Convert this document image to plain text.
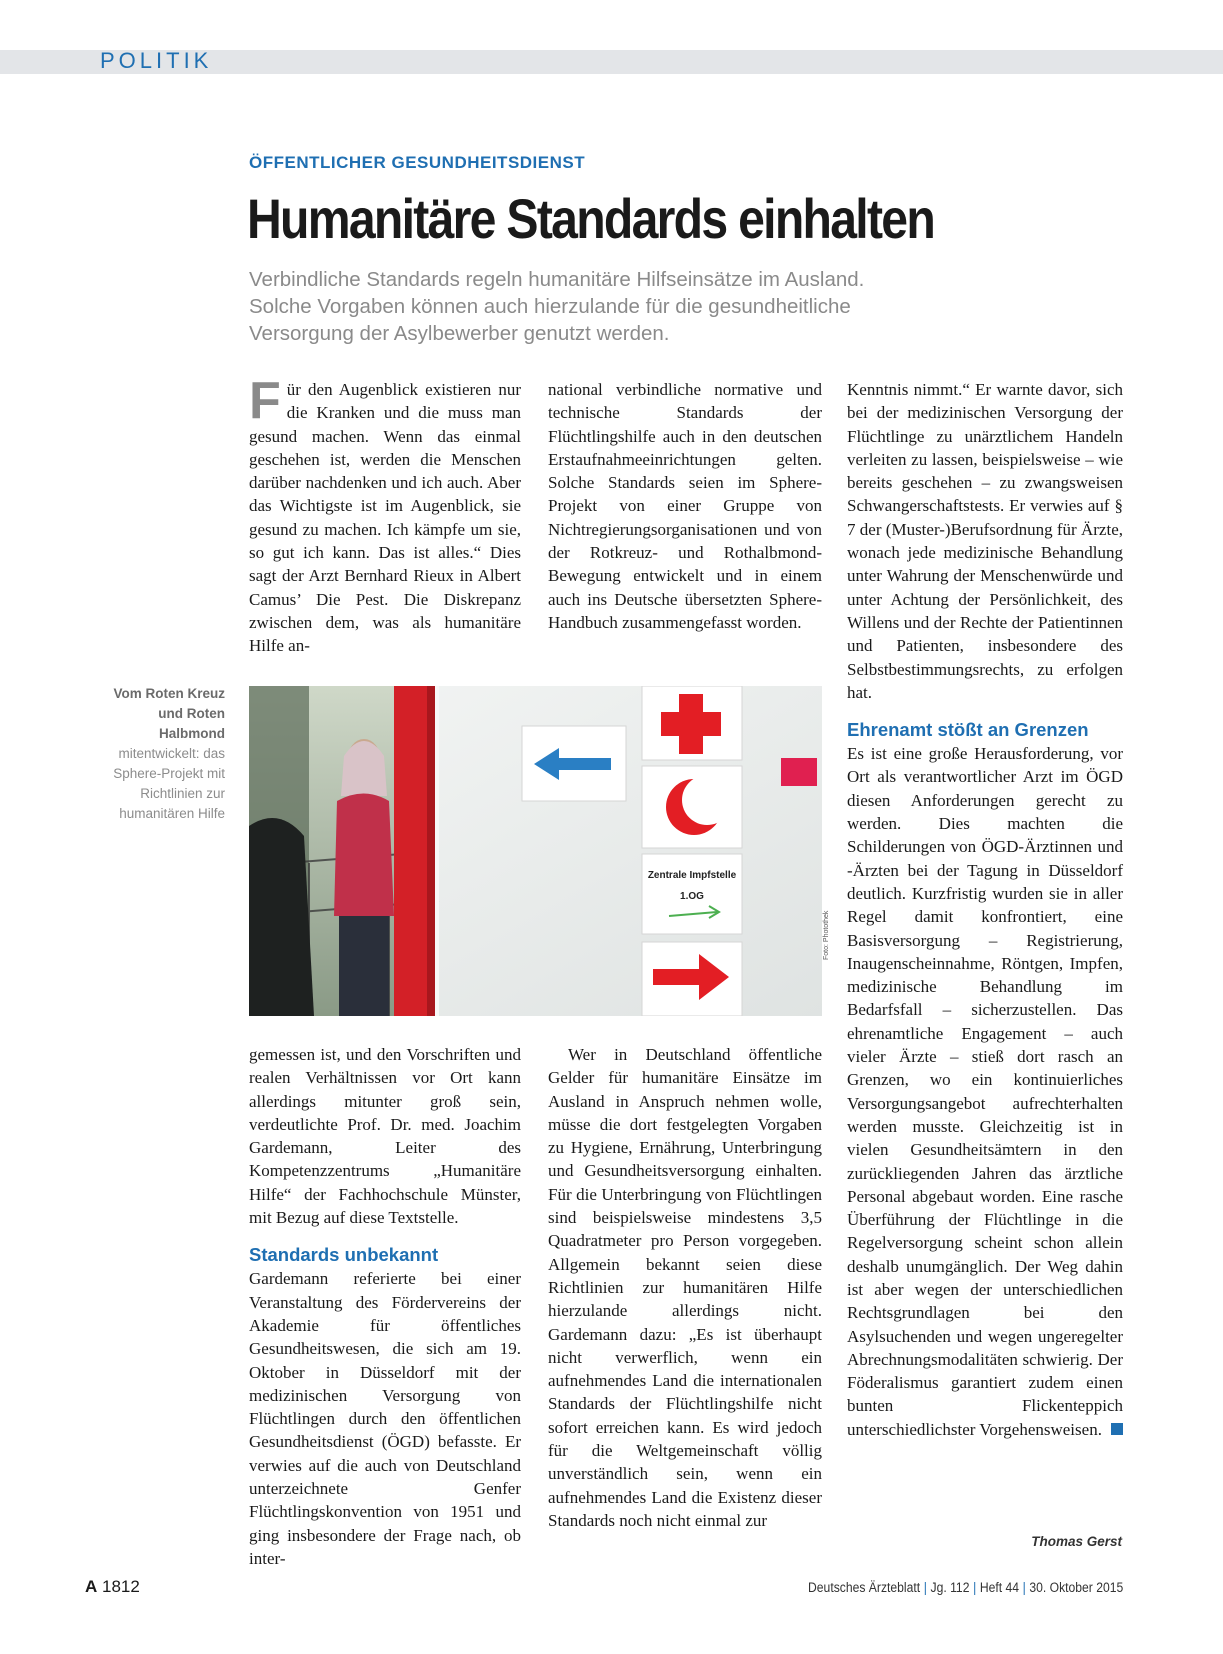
POLITIK
ÖFFENTLICHER GESUNDHEITSDIENST
Humanitäre Standards einhalten
Verbindliche Standards regeln humanitäre Hilfseinsätze im Ausland.
Solche Vorgaben können auch hierzulande für die gesundheitliche
Versorgung der Asylbewerber genutzt werden.

Für den Augenblick existieren nur die Kranken und die muss man gesund machen. Wenn das einmal geschehen ist, werden die Menschen darüber nachdenken und ich auch. Aber das Wichtigste ist im Augenblick, sie gesund zu machen. Ich kämpfe um sie, so gut ich kann. Das ist alles.“ Dies sagt der Arzt Bernhard Rieux in Albert Camus’ Die Pest. Die Diskrepanz zwischen dem, was als humanitäre Hilfe an-

national verbindliche normative und technische Standards der Flüchtlingshilfe auch in den deutschen Erstaufnahmeeinrichtungen gelten. Solche Standards seien im Sphere-Projekt von einer Gruppe von Nichtregierungsorganisationen und von der Rotkreuz- und Rothalbmond-Bewegung entwickelt und in einem auch ins Deutsche übersetzten Sphere-Handbuch zusammengefasst worden.

Kenntnis nimmt.“ Er warnte davor, sich bei der medizinischen Versorgung der Flüchtlinge zu unärztlichem Handeln verleiten zu lassen, beispielsweise – wie bereits geschehen – zu zwangsweisen Schwangerschaftstests. Er verwies auf § 7 der (Muster-)Berufsordnung für Ärzte, wonach jede medizinische Behandlung unter Wahrung der Menschenwürde und unter Achtung der Persönlichkeit, des Willens und der Rechte der Patientinnen und Patienten, insbesondere des Selbstbestimmungsrechts, zu erfolgen hat.

Ehrenamt stößt an Grenzen

Es ist eine große Herausforderung, vor Ort als verantwortlicher Arzt im ÖGD diesen Anforderungen gerecht zu werden. Dies machten die Schilderungen von ÖGD-Ärztinnen und -Ärzten bei der Tagung in Düsseldorf deutlich. Kurzfristig wurden sie in aller Regel damit konfrontiert, eine Basisversorgung – Registrierung, Inaugenscheinnahme, Röntgen, Impfen, medizinische Behandlung im Bedarfsfall – sicherzustellen. Das ehrenamtliche Engagement – auch vieler Ärzte – stieß dort rasch an Grenzen, wo ein kontinuierliches Versorgungsangebot aufrechterhalten werden musste. Gleichzeitig ist in vielen Gesundheitsämtern in den zurückliegenden Jahren das ärztliche Personal abgebaut worden. Eine rasche Überführung der Flüchtlinge in die Regelversorgung scheint schon allein deshalb unumgänglich. Der Weg dahin ist aber wegen der unterschiedlichen Rechtsgrundlagen bei den Asylsuchenden und wegen ungeregelter Abrechnungsmodalitäten schwierig. Der Föderalismus garantiert zudem einen bunten Flickenteppich unterschiedlichster Vorgehensweisen.

Vom Roten Kreuz und Roten Halbmond mitentwickelt: das Sphere-Projekt mit Richtlinien zur humanitären Hilfe
Zentrale Impfstelle
1.OG
Foto: Photothek

gemessen ist, und den Vorschriften und realen Verhältnissen vor Ort kann allerdings mitunter groß sein, verdeutlichte Prof. Dr. med. Joachim Gardemann, Leiter des Kompetenzzentrums „Humanitäre Hilfe“ der Fachhochschule Münster, mit Bezug auf diese Textstelle.

Standards unbekannt

Gardemann referierte bei einer Veranstaltung des Fördervereins der Akademie für öffentliches Gesundheitswesen, die sich am 19. Oktober in Düsseldorf mit der medizinischen Versorgung von Flüchtlingen durch den öffentlichen Gesundheitsdienst (ÖGD) befasste. Er verwies auf die auch von Deutschland unterzeichnete Genfer Flüchtlingskonvention von 1951 und ging insbesondere der Frage nach, ob inter-

Wer in Deutschland öffentliche Gelder für humanitäre Einsätze im Ausland in Anspruch nehmen wolle, müsse die dort festgelegten Vorgaben zu Hygiene, Ernährung, Unterbringung und Gesundheitsversorgung einhalten. Für die Unterbringung von Flüchtlingen sind beispielsweise mindestens 3,5 Quadratmeter pro Person vorgegeben. Allgemein bekannt seien diese Richtlinien zur humanitären Hilfe hierzulande allerdings nicht. Gardemann dazu: „Es ist überhaupt nicht verwerflich, wenn ein aufnehmendes Land die internationalen Standards der Flüchtlingshilfe nicht sofort erreichen kann. Es wird jedoch für die Weltgemeinschaft völlig unverständlich sein, wenn ein aufnehmendes Land die Existenz dieser Standards noch nicht einmal zur

Thomas Gerst
A 1812	Deutsches Ärzteblatt | Jg. 112 | Heft 44 | 30. Oktober 2015
